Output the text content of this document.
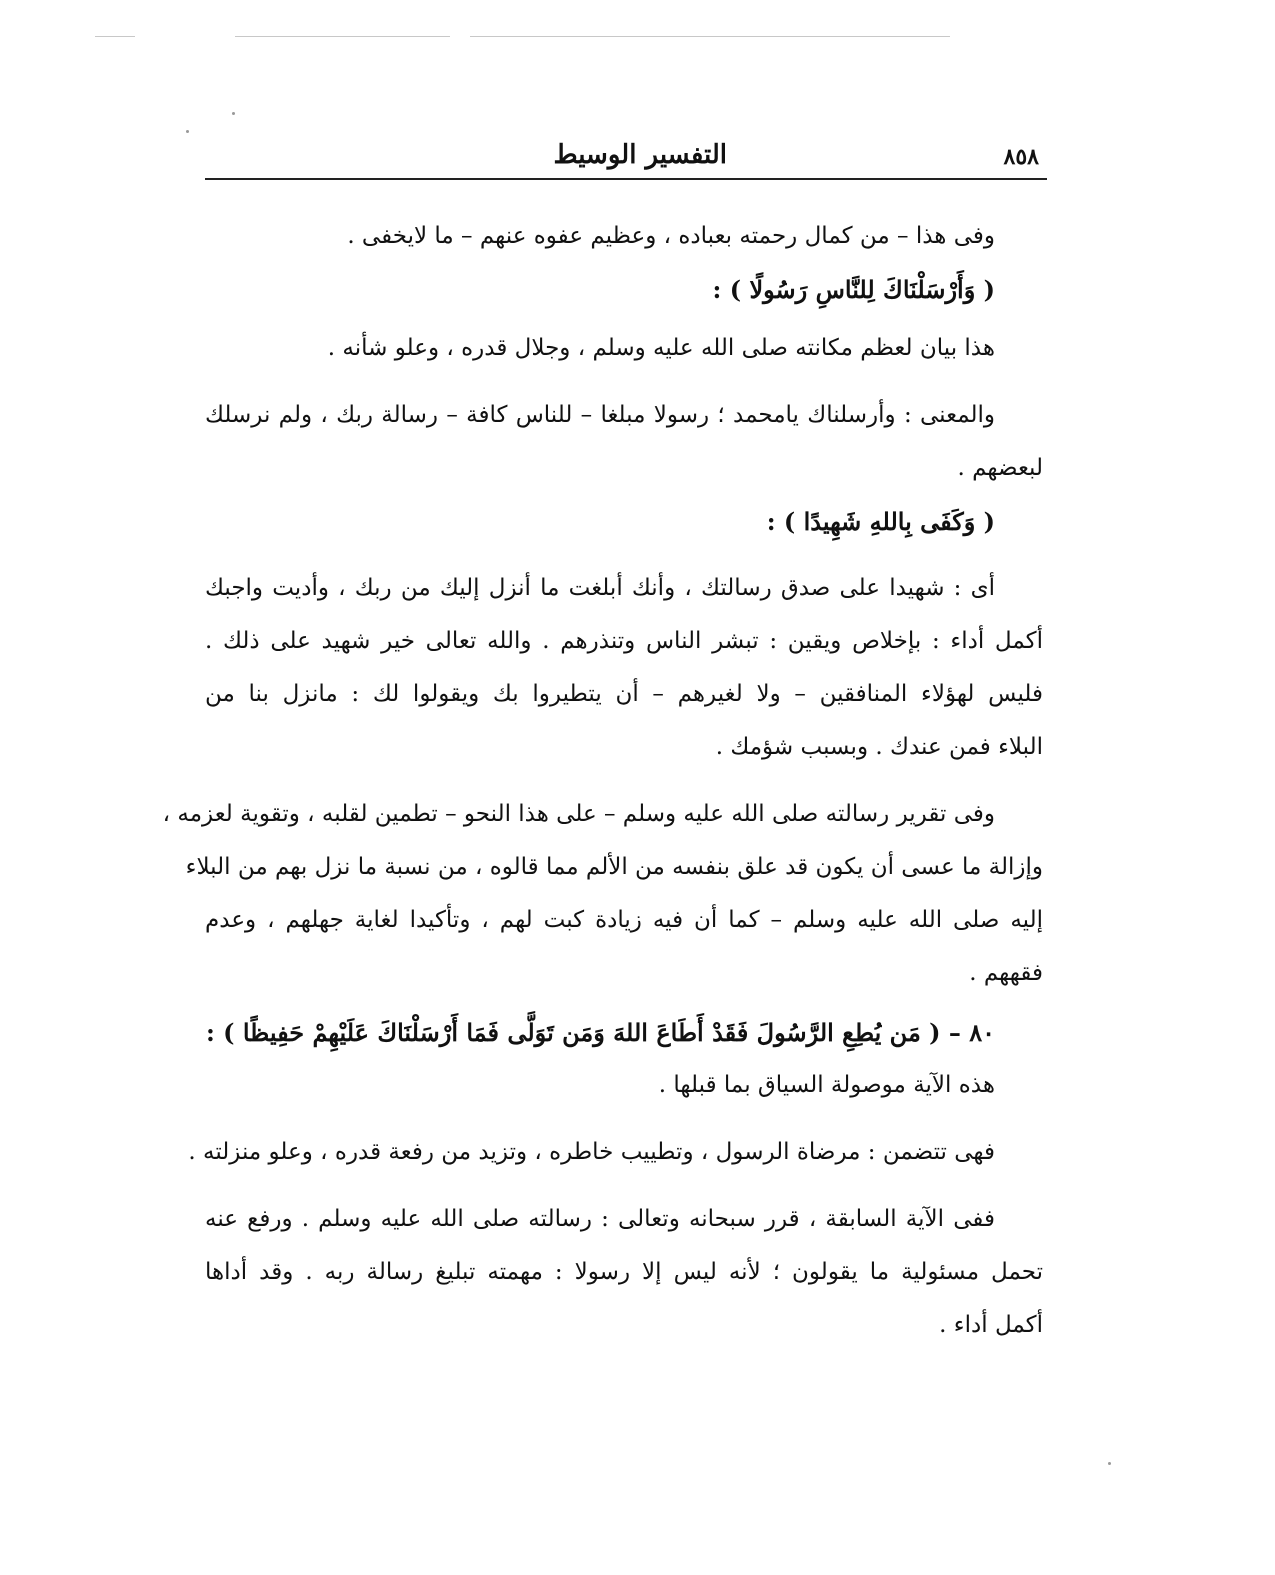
٨٥٨
التفسير الوسيط
وفى هذا – من كمال رحمته بعباده ، وعظيم عفوه عنهم – ما لايخفى .
( وَأَرْسَلْنَاكَ لِلنَّاسِ رَسُولًا ) :
هذا بيان لعظم مكانته صلى الله عليه وسلم ، وجلال قدره ، وعلو شأنه .
والمعنى : وأرسلناك يامحمد ؛ رسولا مبلغا – للناس كافة – رسالة ربك ، ولم نرسلك
لبعضهم .
( وَكَفَى بِاللهِ شَهِيدًا ) :
أى : شهيدا على صدق رسالتك ، وأنك أبلغت ما أنزل إليك من ربك ، وأديت واجبك
أكمل أداء : بإخلاص ويقين : تبشر الناس وتنذرهم . والله تعالى خير شهيد على ذلك .
فليس لهؤلاء المنافقين – ولا لغيرهم – أن يتطيروا بك ويقولوا لك : مانزل بنا من
البلاء فمن عندك . وبسبب شؤمك .
وفى تقرير رسالته صلى الله عليه وسلم – على هذا النحو – تطمين لقلبه ، وتقوية لعزمه ،
وإزالة ما عسى أن يكون قد علق بنفسه من الألم مما قالوه ، من نسبة ما نزل بهم من البلاء
إليه صلى الله عليه وسلم – كما أن فيه زيادة كبت لهم ، وتأكيدا لغاية جهلهم ، وعدم
فقههم .
٨٠ – ( مَن يُطِعِ الرَّسُولَ فَقَدْ أَطَاعَ اللهَ وَمَن تَوَلَّى فَمَا أَرْسَلْنَاكَ عَلَيْهِمْ حَفِيظًا ) :
هذه الآية موصولة السياق بما قبلها .
فهى تتضمن : مرضاة الرسول ، وتطييب خاطره ، وتزيد من رفعة قدره ، وعلو منزلته .
ففى الآية السابقة ، قرر سبحانه وتعالى : رسالته صلى الله عليه وسلم . ورفع عنه
تحمل مسئولية ما يقولون ؛ لأنه ليس إلا رسولا : مهمته تبليغ رسالة ربه . وقد أداها
أكمل أداء .
